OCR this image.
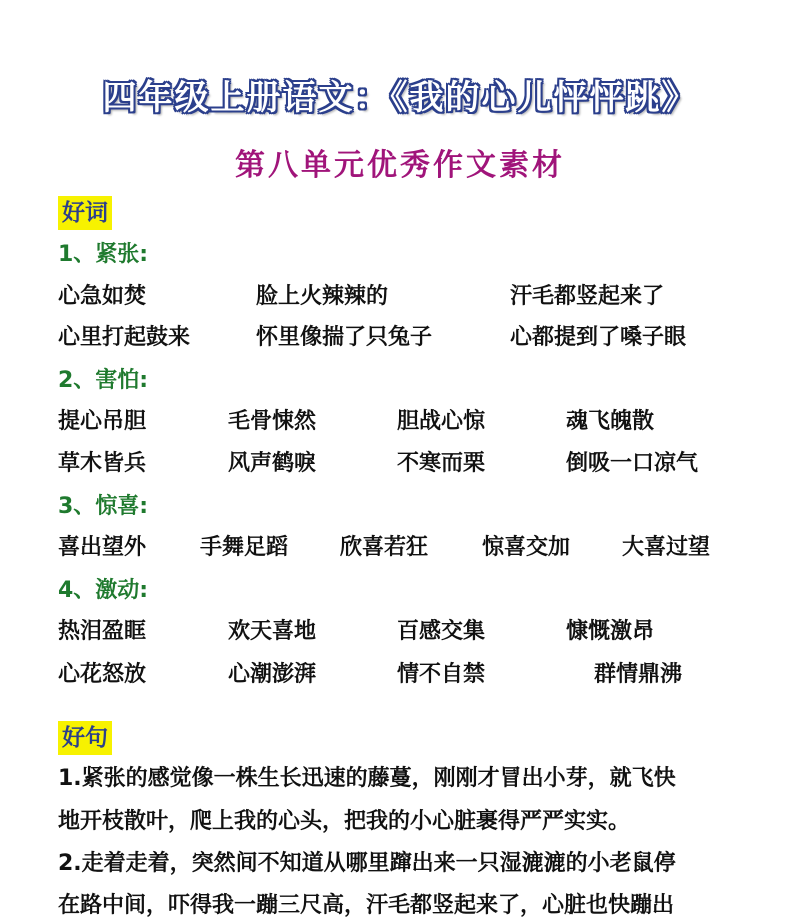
四年级上册语文：《我的心儿怦怦跳》
第八单元优秀作文素材
好词
1、紧张:
心急如焚	脸上火辣辣的	汗毛都竖起来了
心里打起鼓来	怀里像揣了只兔子	心都提到了嗓子眼
2、害怕:
提心吊胆	毛骨悚然	胆战心惊	魂飞魄散
草木皆兵	风声鹤唳	不寒而栗	倒吸一口凉气
3、惊喜:
喜出望外 手舞足蹈 欣喜若狂 惊喜交加 大喜过望
4、激动:
热泪盈眶	欢天喜地	百感交集	慷慨激昂
心花怒放	心潮澎湃	情不自禁	群情鼎沸
好句
1.紧张的感觉像一株生长迅速的藤蔓，刚刚才冒出小芽，就飞快
地开枝散叶，爬上我的心头，把我的小心脏裹得严严实实。
2.走着走着，突然间不知道从哪里蹿出来一只湿漉漉的小老鼠停
在路中间，吓得我一蹦三尺高，汗毛都竖起来了，心脏也快蹦出
